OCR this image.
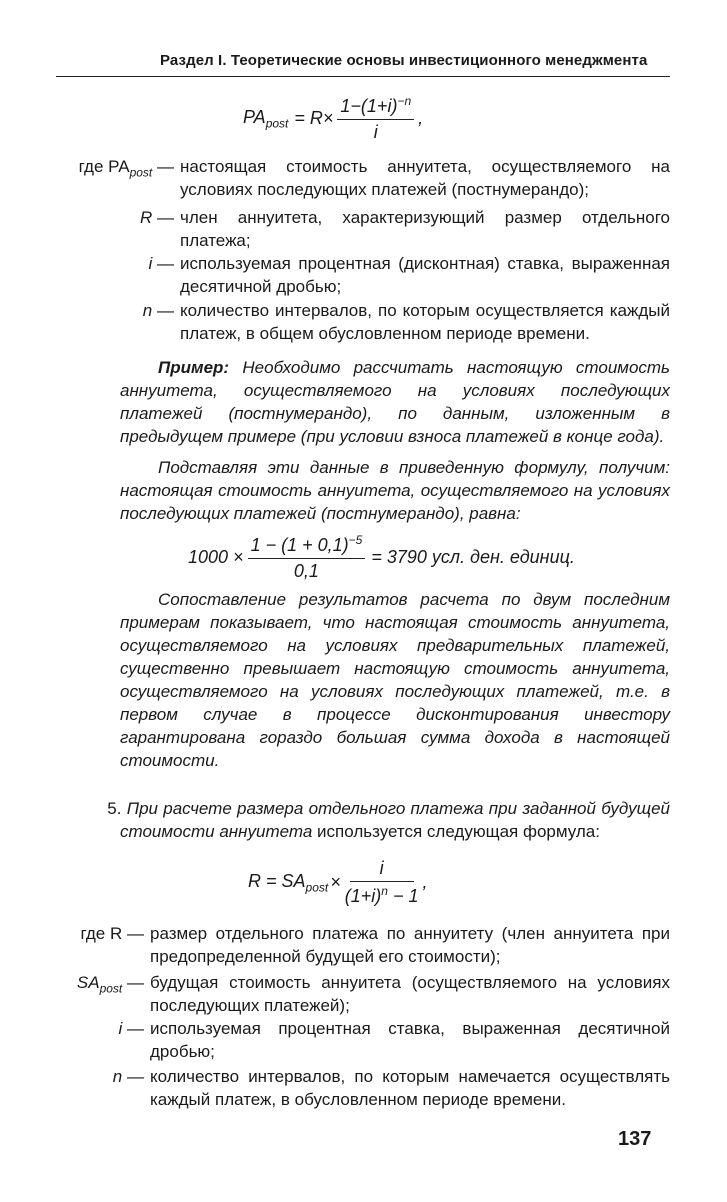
Раздел I. Теоретические основы инвестиционного менеджмента
$PA_{post} = R\times \frac{1-(1+i)^{-n}}{i}$ ,
где $PA_{post}$ — настоящая стоимость аннуитета, осуществляемого на условиях последующих платежей (постнумерандо);
R — член аннуитета, характеризующий размер отдельного платежа;
i — используемая процентная (дисконтная) ставка, выраженная десятичной дробью;
n — количество интервалов, по которым осуществляется каждый платеж, в общем обусловленном периоде времени.
Пример: Необходимо рассчитать настоящую стоимость аннуитета, осуществляемого на условиях последующих платежей (постнумерандо), по данным, изложенным в предыдущем примере (при условии взноса платежей в конце года).
Подставляя эти данные в приведенную формулу, получим: настоящая стоимость аннуитета, осуществляемого на условиях последующих платежей (постнумерандо), равна:
$1000 \times \frac{1 - (1 + 0,1)^{-5}}{0,1} = 3790$ усл. ден. единиц.
Сопоставление результатов расчета по двум последним примерам показывает, что настоящая стоимость аннуитета, осуществляемого на условиях предварительных платежей, существенно превышает настоящую стоимость аннуитета, осуществляемого на условиях последующих платежей, т.е. в первом случае в процессе дисконтирования инвестору гарантирована гораздо большая сумма дохода в настоящей стоимости.
5. При расчете размера отдельного платежа при заданной будущей стоимости аннуитета используется следующая формула:
$R = SA_{post} \times \frac{i}{(1+i)^n - 1}$ ,
где R — размер отдельного платежа по аннуитету (член аннуитета при предопределенной будущей его стоимости);
$SA_{post}$ — будущая стоимость аннуитета (осуществляемого на условиях последующих платежей);
i — используемая процентная ставка, выраженная десятичной дробью;
n — количество интервалов, по которым намечается осуществлять каждый платеж, в обусловленном периоде времени.
137
